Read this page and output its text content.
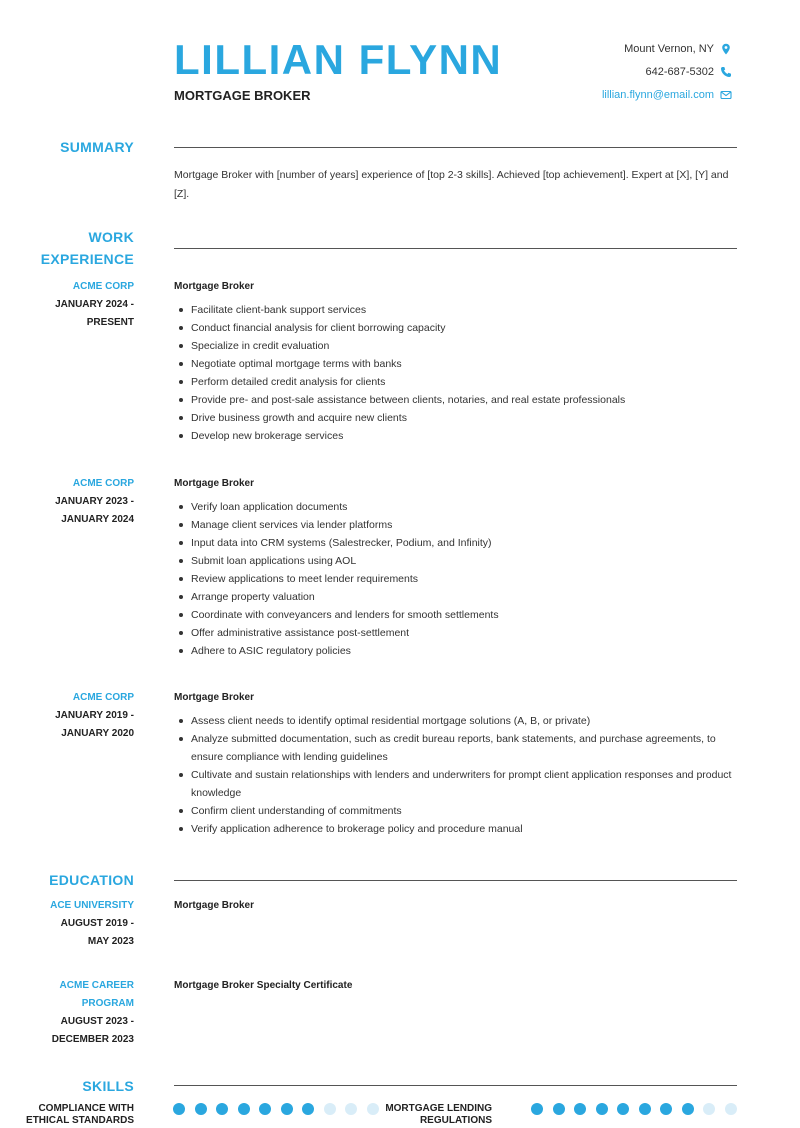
LILLIAN FLYNN
MORTGAGE BROKER
Mount Vernon, NY
642-687-5302
lillian.flynn@email.com
SUMMARY
Mortgage Broker with [number of years] experience of [top 2-3 skills]. Achieved [top achievement]. Expert at [X], [Y] and [Z].
WORK
EXPERIENCE
ACME CORP
JANUARY 2024 -
PRESENT
Mortgage Broker
Facilitate client-bank support services
Conduct financial analysis for client borrowing capacity
Specialize in credit evaluation
Negotiate optimal mortgage terms with banks
Perform detailed credit analysis for clients
Provide pre- and post-sale assistance between clients, notaries, and real estate professionals
Drive business growth and acquire new clients
Develop new brokerage services
ACME CORP
JANUARY 2023 -
JANUARY 2024
Mortgage Broker
Verify loan application documents
Manage client services via lender platforms
Input data into CRM systems (Salestrecker, Podium, and Infinity)
Submit loan applications using AOL
Review applications to meet lender requirements
Arrange property valuation
Coordinate with conveyancers and lenders for smooth settlements
Offer administrative assistance post-settlement
Adhere to ASIC regulatory policies
ACME CORP
JANUARY 2019 -
JANUARY 2020
Mortgage Broker
Assess client needs to identify optimal residential mortgage solutions (A, B, or private)
Analyze submitted documentation, such as credit bureau reports, bank statements, and purchase agreements, to ensure compliance with lending guidelines
Cultivate and sustain relationships with lenders and underwriters for prompt client application responses and product knowledge
Confirm client understanding of commitments
Verify application adherence to brokerage policy and procedure manual
EDUCATION
ACE UNIVERSITY
AUGUST 2019 -
MAY 2023
Mortgage Broker
ACME CAREER
PROGRAM
AUGUST 2023 -
DECEMBER 2023
Mortgage Broker Specialty Certificate
SKILLS
COMPLIANCE WITH
ETHICAL STANDARDS
MORTGAGE LENDING
REGULATIONS
